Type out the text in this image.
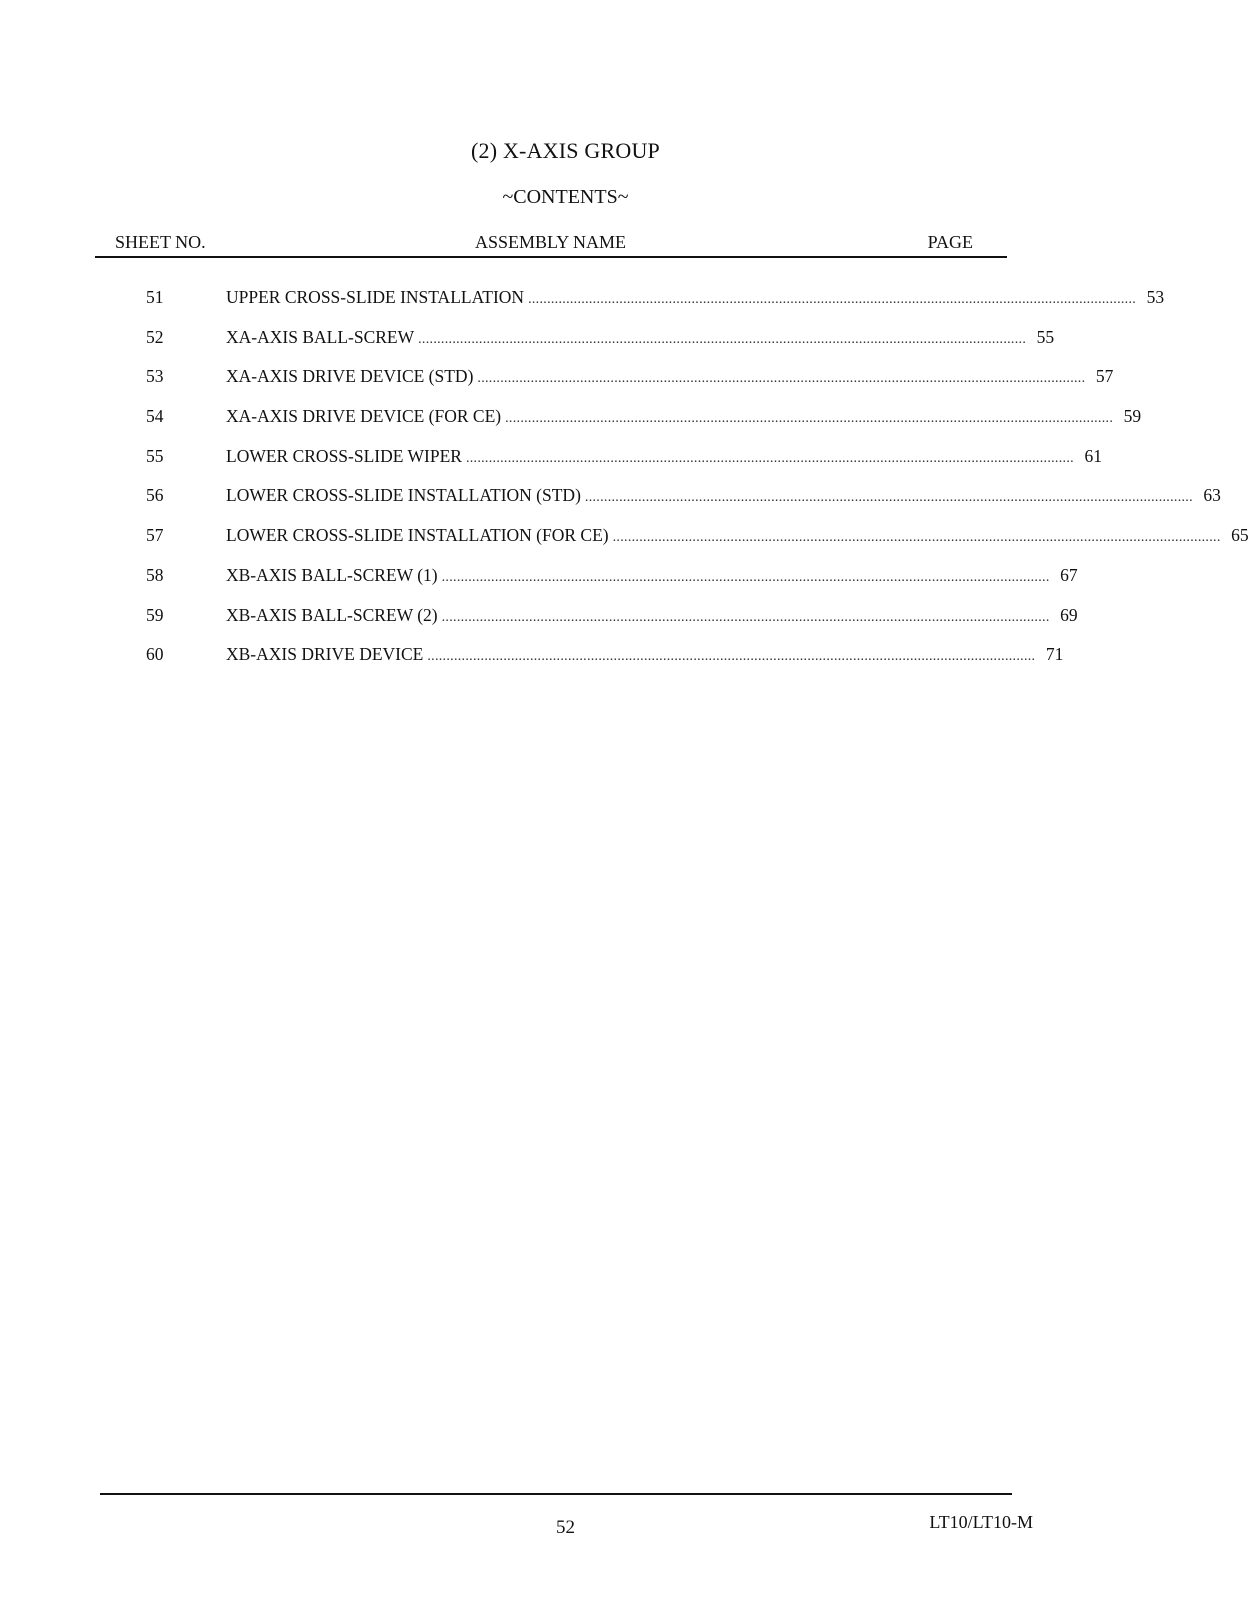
(2) X-AXIS GROUP
~CONTENTS~
SHEET NO.	ASSEMBLY NAME	PAGE
51	UPPER CROSS-SLIDE INSTALLATION ................................................................................................................................................................ 53
52	XA-AXIS BALL-SCREW ................................................................................................................................................................ 55
53	XA-AXIS DRIVE DEVICE (STD) ................................................................................................................................................................ 57
54	XA-AXIS DRIVE DEVICE (FOR CE) ................................................................................................................................................................ 59
55	LOWER CROSS-SLIDE WIPER ................................................................................................................................................................ 61
56	LOWER CROSS-SLIDE INSTALLATION (STD) ................................................................................................................................................................ 63
57	LOWER CROSS-SLIDE INSTALLATION (FOR CE) ................................................................................................................................................................ 65
58	XB-AXIS BALL-SCREW (1) ................................................................................................................................................................ 67
59	XB-AXIS BALL-SCREW (2) ................................................................................................................................................................ 69
60	XB-AXIS DRIVE DEVICE ................................................................................................................................................................ 71
52	LT10/LT10-M
